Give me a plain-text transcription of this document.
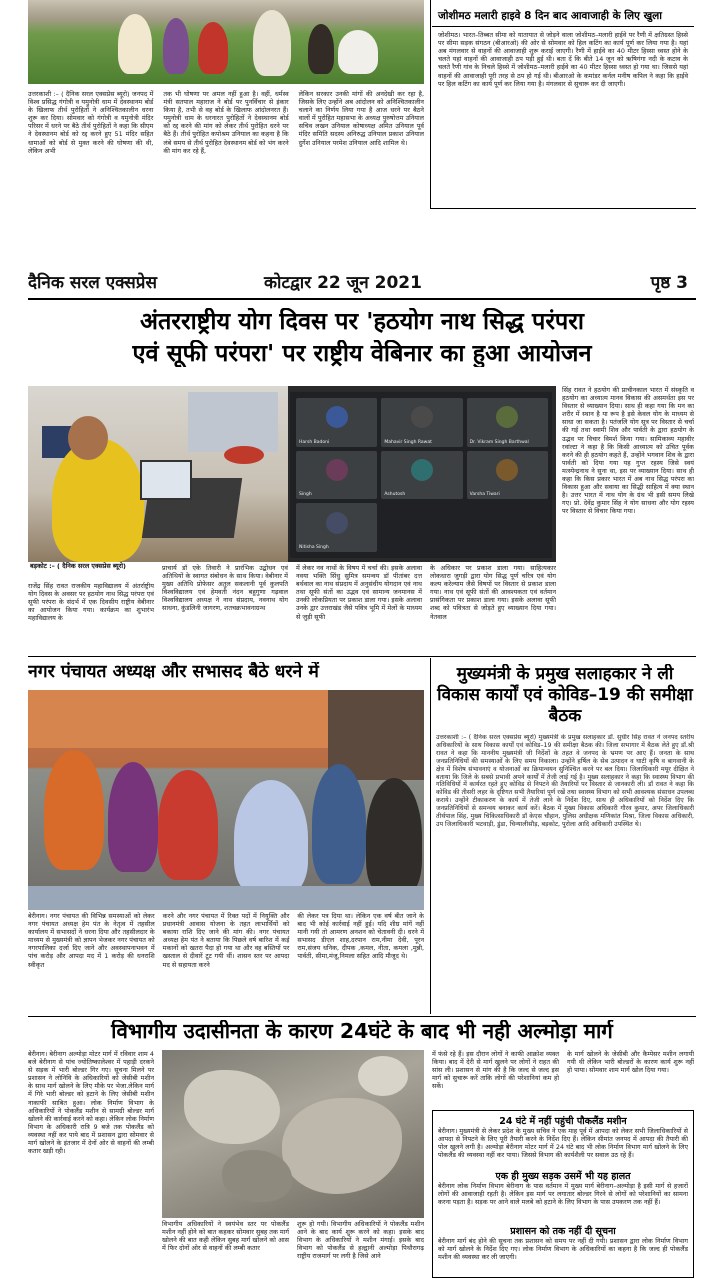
जोशीमठ मलारी हाइवे 8 दिन बाद आवाजाही के लिए खुला
जोशीमठ। भारत–तिब्बत सीमा को यातायात से जोड़ने वाला जोशीमठ–मलारी हाईवे पर रैणी में क्षतिग्रस्त हिस्से पर सीमा सड़क संगठन (बीआरओ) की ओर से सोमवार को हिल कटिंग का कार्य पूर्ण कर लिया गया है। यहां अब मंगलवार से वाहनों की आवाजाही शुरू कराई जाएगी। रैणी में हाईवे का 40 मीटर हिस्सा ध्वस्त होने के चलते यहां वाहनों की आवाजाही ठप पड़ी हुई थी। बता दें कि बीते 14 जून को ऋषिगंगा नदी के कटाव के चलते रैणी गांव के निचले हिस्से में जोशीमठ–मलारी हाईवे का 40 मीटर हिस्सा ध्वस्त हो गया था। जिससे यहां वाहनों की आवाजाही पूरी तरह से ठप हो गई थी। बीआरओ के कमांडर कर्नल मनीष कपिल ने कहा कि हाईवे पर हिल कटिंग का कार्य पूर्ण कर लिया गया है। मंगलवार से सुचारू कर दी जाएगी।
उत्तरकाशी :– ( दैनिक सरल एक्सप्रेस ब्यूरो) जनपद में विश्व प्रसिद्ध गंगोत्री व यमुनोत्री धाम में देवस्थानम बोर्ड के खिलाफ तीर्थ पुरोहितों ने अनिश्चितकालीन धरना शुरू कर दिया। सोमवार को गंगोत्री व यमुनोत्री मंदिर परिसर में धरने पर बैठे तीर्थ पुरोहितों ने कहा कि सीएम ने देवस्थानम बोर्ड को रद्द करने हुए 51 मंदिर सहित धामाओं को बोर्ड से मुक्त करने की घोषणा की थी, लेकिन अभी
तक भी घोषणा पर अमल नहीं हुआ है। वहीं, धर्मस्व मंत्री सतपाल महाराज ने बोर्ड पर पुनर्विचार से इंकार किया है, तभी से वह बोर्ड के खिलाफ आंदोलनरत हैं। यमुनोत्री धाम के धरनारत पुरोहितों ने देवस्थानम बोर्ड को रद्द करने की मांग को लेकर तीर्थ पुरोहित धरने पर बैठे हैं। तीर्थ पुरोहित कपोश्रम उनियाल का कहना है कि लंबे समय से तीर्थ पुरोहित देवस्थानम बोर्ड को भंग करने की मांग कर रहे हैं,
लेकिन सरकार उनकी मांगों की अनदेखी कर रहा है, जिसके लिए उन्होंने अब आंदोलन को अनिश्चितकालीन चलाने का निर्णय लिया गया है आज धरने पर बैठने वालों में पुरोहित महासभा के अध्यक्ष पुरुषोत्तम उनियाल सचिव लखन उनियाल कोषाध्यक्ष अमित उनियाल पूर्व मंदिर समिति सदस्य अनिरुद्ध उनियाल प्रकाश उनियाल दुर्गेश उनियाल परमेश उनियाल आदि शामिल थे।
दैनिक सरल एक्सप्रेस	कोटद्वार 22 जून 2021	पृष्ठ 3
अंतरराष्ट्रीय योग दिवस पर 'हठयोग नाथ सिद्ध परंपरा
एवं सूफी परंपरा' पर राष्ट्रीय वेबिनार का हुआ आयोजन
Harsh Badoni	Mahavir Singh Rawat	Dr. Vikram Singh Barthwal
Singh	Ashutosh	Varsha Tiwari
Nitisha Singh
बड़कोट :– ( दैनिक सरल एक्सप्रेस ब्यूरो)
सिंह रावत ने हठयोग की प्राचीनकाल भारत में संस्कृति व हठयोग का अध्यात्म मानव विकास की असमर्थता इस पर विस्तार से व्याख्यान दिया। साथ ही कहा गया कि मन का शरीर में स्थान है या रूप है इसे केवल योग के माध्यम से साधा जा सकता है। पतंजलि योग सूत्र पर विस्तार से चर्चा की गई तथा स्वामी शिव और पार्वती के द्वारा हठयोग के उद्भव पर विचार विमर्श किया गया। सामिकाव्य महावीर रवांल्टा ने कहा है कि किसी आध्यात्म को उचित पूर्वक करने की ही हठयोग कहते हैं, उन्होंने भगवान शिव के द्वारा पार्वती को दिया गया यह गुप्त रहस्य जिसे स्वयं मत्स्येन्द्रनाथ ने सुना था, इस पर व्याख्यान दिया। साथ ही कहा कि किस प्रकार भारत में अब नाथ सिद्ध परंपरा का विकास हुआ और सवाया का सिद्धी साहित्य में क्या स्थान है। उत्तर भारत में नाथ योग के ग्रंथ भी इसी समय लिखे गए। प्रो. देवेंद्र कुमार सिंह ने योग साधना और योग रहस्य पर विस्तार से विचार किया गया।
राजेंद्र सिंह रावत राजकीय महाविद्यालय में अंतर्राष्ट्रीय योग दिवस के अवसर पर हठयोग नाथ सिद्ध परंपरा एवं सूफी परंपरा के संदर्भ में एक दिवसीय राष्ट्रीय वेबीनार का आयोजन किया गया। कार्यक्रम का शुभारंभ महाविद्यालय के
प्राचार्य डॉ एके तिवारी ने प्रारंभिक उद्बोधन एवं अतिथियों के स्वागत संबोधन के साथ किया। वेबीनार में मुख्य अतिथि प्रोफेसर अतुल सकलानी पूर्व कुलपति विश्वविद्यालय एवं हेमवती नंदन बहुगुणा गढ़वाल विश्वविद्यालय अध्यक्ष ने नाथ संप्रदाय, नवनाथ योग साधना, कुंडलिनी जागरण, शतचक्रभावनाग्रन्थ
में लेकर नव नाथों के विषय में चर्चा की। इसके अलावा नवया भक्ति सिंधु सुमित्र समन्वय डॉ पीतांबर दत्त बर्थवाल का नाथ संप्रदाय में अनुसंधीय योगदान एवं नाथ तथा सूफी संतों का उद्भव एवं सामान्य जनमानस में उनकी लोकप्रियता पर प्रकाश डाला गया। इसके अलावा उनके द्वार उत्तराखंड जैसे पवित्र भूमि में मेलों के माध्यम से जुड़ी सूफी
के अधिकार पर प्रकाश डाला गया। साहित्यकार लोकधारा जुगड़ी द्वारा योग सिद्ध पूर्ण चरित्र एवं योग कल्प करेल्याम जैसे विषयों पर विस्तार से प्रकाश डाला गया। नाथ एवं सूफी संतों की आवश्यकता एवं वर्तमान प्रासंगिकता पर प्रकाश डाला गया। इसके अलावा सूफी शब्द को पवित्रता से जोड़ते हुए व्याख्यान दिया गया। नेतवाल
नगर पंचायत अध्यक्ष और सभासद बैठे धरने में
बेरीनाग। नगर पंचायत की विभिन्न समस्याओं को लेकर नगर पंचायत अध्यक्ष हेम पंत के नेतृत्व में तहसील कार्यालय में सभासदों ने धरना दिया और तहसीलदार के माध्यम से मुख्यमंत्री को ज्ञापन भेजकर नगर पंचायत को नगरपालिका दर्जा दिए जाने और अवस्थापनाभवन में पांच करोड़ और आपदा मद में 1 करोड़ की धनराशि स्वीकृत
करने और नगर पंचायत में रिक्त पदों में नियुक्ति और प्रधानमंत्री आवास योजना के तहत लाभार्थियों को बकाया राशि दिए जाने की मांग की। नगर पंचायत अध्यक्ष हेम पंत ने बताया कि पिछले वर्ष बारिश में कई मकानों को खतरा पैदा हो गया था और वह बस्तियों पर खस्ताल से दीवारें टूट गयी थीं। शासन स्तर पर आपदा मद से सहायता करने
की लेकर पत्र दिया था। लेकिन एक वर्ष बीत जाने के बाद भी कोई कार्रवाई नहीं हुई। यदि शीघ्र मांगें नहीं मानी गयी तो आमरण अनशन को चेतावनी दी। धरने में सभासद डीएल शाह,दरपान राम,नीमा देवी, पूरन राम,संजय धनिक, दीपक ,कमल, नीता, कमला ,मुन्नी, पार्वती, सीमा,मंजू,निमला सहित आदि मौजूद थे।
मुख्यमंत्री के प्रमुख सलाहकार ने ली विकास कार्यों एवं कोविड–19 की समीक्षा बैठक
उत्तरकाशी :– ( दैनिक सरल एक्सप्रेस ब्यूरो) मुख्यमंत्री के प्रमुख सलाहकार डॉ. सुधीर सिंह रावत ने जनपद स्तरीय अधिकारियों के साथ विकास कार्यों एवं कोविड–19 की समीक्षा बैठक की। जिला सभागार में बैठक लेते हुए डॉ.श्री रावत ने कहा कि माननीय मुख्यमंत्री जी निर्देशों के तहत वे जनपद के भ्रमण पर आए हैं। जनता के साथ जनप्रतिनिधियों की समस्याओं के लिए समय निकाला। उन्होंने हर्षिल के सेब उत्पादन व घाटी कृषि व बागवानी के क्षेत्र में विशेष संभावनाएं व योजनाओं का क्रियान्वयन सुनिश्चित करने पर बल दिया। जिलाधिकारी मयूर दीक्षित ने बताया कि जिले के सबसे प्रभावी अपने कार्यों में तेजी लाई गई है। मुख्य सलाहकार ने कहा कि स्वास्थ्य विभाग की गतिविधियों में कार्यरत रहते हुए कोविड से निपटने की तैयारियों पर विस्तार से जानकारी ली। डॉ रावत ने कहा कि कोविड की तीसरी लहर के दृष्टिगत सभी तैयारियां पूर्ण रखें तथा स्वास्थ्य विभाग को सभी आवश्यक संसाधन उपलब्ध कराये। उन्होंने टीकाकरण के कार्य में तेजी लाने के निर्देश दिए, साथ ही अधिकारियों को निर्देश दिए कि जनप्रतिनिधियों से समन्वय बनाकर कार्य करें। बैठक में मुख्य विकास अधिकारी गौरव कुमार, अपर जिलाधिकारी तीर्थपाल सिंह, मुख्य चिकित्साधिकारी डॉ केएस चौहान, पुलिस अधीक्षक मणिकांत मिश्रा, जिला विकास अधिकारी, उप जिलाधिकारी भटवाड़ी, डुंडा, चिन्यालीसौड़, बड़कोट, पुरोला आदि अधिकारी उपस्थित थे।
विभागीय उदासीनता के कारण 24घंटे के बाद भी नही अल्मोड़ा मार्ग
बेरीनाग। बेरीनाग अल्मोड़ा मोटर मार्ग में रविवार शाम 4 बजे बेरीनाग से पांच ज्योतिष्कालेश्वर में पहाड़ी दरकने से सड़क में भारी बोल्डर गिर गए। सूचना मिलने पर प्रशासन ने लोनिवि के अधिकारियों को जेसीबी मशीन के साथ मार्ग खोलने के लिए मौके पर भेजा.लेकिन मार्ग में गिरे भारी बोल्डर को हटाने के लिए जेसीबी मशीन नाकाफी साबित हुआ। लोक निर्माण विभाग के अधिकारियों ने पोकलैंड मशीन से सामग्री बोल्डर मार्ग खोलने की कार्रवाई करने को कहा। लेकिन लोक निर्माण विभाग के अधिकारी रात्रि 9 बजे तक पोकलैंड को व्यवस्था नहीं कर पाये बाद में प्रशासन द्वारा सोमवार से मार्ग खोलने के इंतजार में देनों ओर से वाहनों की लम्बी कतार खड़ी रही।
विभागीय अधिकारियों ने स्वयंभेव स्तर पर पोकलैंड मशीन नहीं होने को बात कहकर सोमवार सुबह तक मार्ग खोलने की बात कही लेकिन सुबह मार्ग खोलने को आस में फिर दोनों ओर से वाहनों की लम्बी कतार
शुरू हो गयी। विभागीय अधिकारियों ने पोकलैंड मशीन आने के बाद कार्य शुरू करने को कहा। इसके बाद विभाग के अधिकारियों ने मशीन मंगाई। इसके बाद विभाग को पोकलैंड से हल्द्वानी अल्मोड़ा पिथौरागढ़ राष्ट्रीय राजमार्ग पर लगी है जिसे आने
में फंसे रहे हैं। इस दौरान लोगों ने काफी आक्रोश व्यक्त किया। बाद में देरी से मार्ग खुलने पर लोगों ने राहत की सांस ली। प्रशासन से मांग की है कि जल्द से जल्द इस मार्ग को सुचारू करें ताकि लोगों की परेशानियां कम हो सकें।
के मार्ग खोलने के जेसीबी और कैम्पेसर मशीन लगायी गयी थी लेकिन भारी बोल्डरों के कारण कार्य शुरू नहीं हो पाया। सोमवार शाम मार्ग खोल दिया गया।
24 घंटे में नहीं पहुंची पौकलैंड मशीन
बेरीनाग। मुख्यमंत्री से लेकर प्रदेश के मुख्य सचिव ने एक माह पूर्व में आपदा को लेकर सभी जिलाधिकारियों से आपदा से निपटने के लिए पूरी तैयारी करने के निर्देश दिए हैं। लेकिन सीमांत जनपद में आपदा की तैयारी की पोल खुलने लगी है। अल्मोड़ा बेरीनाग मोटर मार्ग में 24 घंटे बाद भी लोक निर्माण विभाग मार्ग खोलने के लिए पोकलैंड की व्यवस्था नहीं कर पाया। जिससे विभाग की कार्यशैली पर सवाल उठ रहे हैं।
एक ही मुख्य सड़क उसमें भी यह हालत
बेरीनाग लोक निर्माण विभाग बेरीनाग के पास वर्तमान में मुख्य मार्ग बेरीनाग–अल्मोड़ा है इसी मार्ग से हजारों लोगों की आवाजाही रहती है। लेकिन इस मार्ग पर लगातार बोल्डर गिरने से लोगों को परेशानियों का सामना करना पड़ता है। सड़क पर आने वाले मलबे को हटाने के लिए विभाग के पास उपकरण तक नहीं हैं।
प्रशासन को तक नहीं दी सूचना
बेरीनाग मार्ग बंद होने की सूचना तक प्रशासन को समय पर नहीं दी गयी। प्रशासन द्वारा लोक निर्माण विभाग को मार्ग खोलने के निर्देश दिए गए। लोक निर्माण विभाग के अधिकारियों का कहना है कि जल्द ही पोकलैंड मशीन की व्यवस्था कर ली जाएगी।
